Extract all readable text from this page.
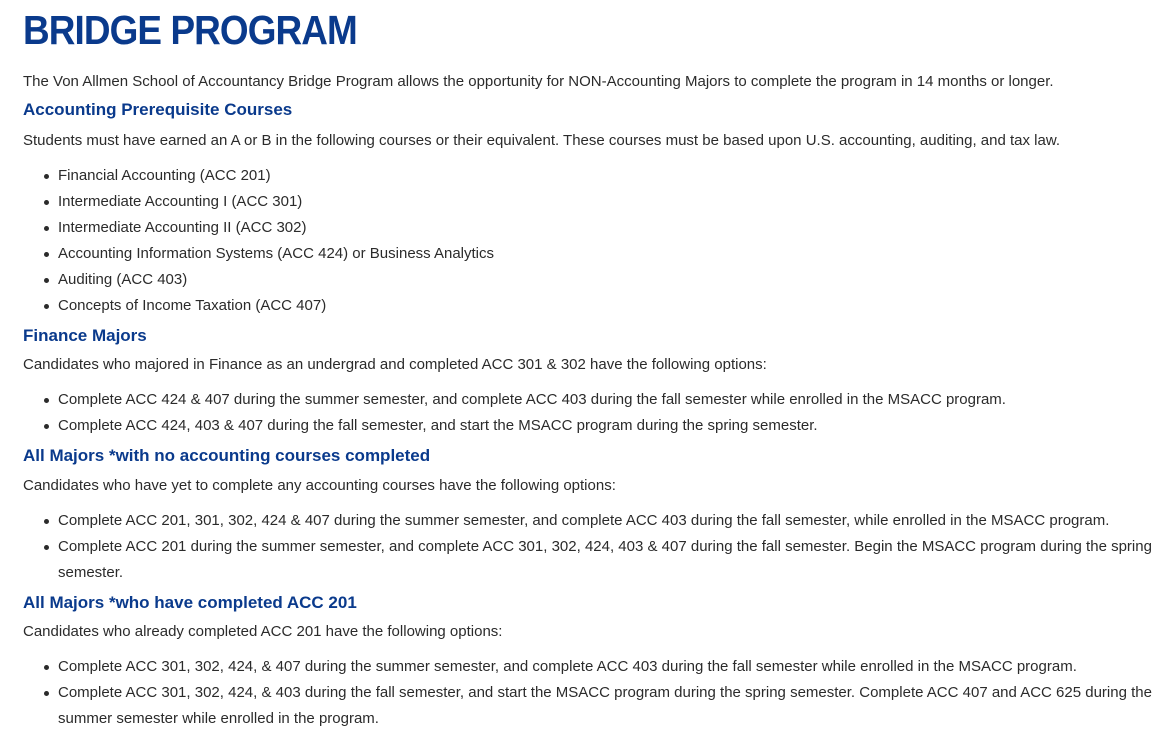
BRIDGE PROGRAM

The Von Allmen School of Accountancy Bridge Program allows the opportunity for NON-Accounting Majors to complete the program in 14 months or longer.

Accounting Prerequisite Courses

Students must have earned an A or B in the following courses or their equivalent. These courses must be based upon U.S. accounting, auditing, and tax law.

Financial Accounting (ACC 201)
Intermediate Accounting I (ACC 301)
Intermediate Accounting II (ACC 302)
Accounting Information Systems (ACC 424) or Business Analytics
Auditing (ACC 403)
Concepts of Income Taxation (ACC 407)
Finance Majors

Candidates who majored in Finance as an undergrad and completed ACC 301 & 302 have the following options:

Complete ACC 424 & 407 during the summer semester, and complete ACC 403 during the fall semester while enrolled in the MSACC program.
Complete ACC 424, 403 & 407 during the fall semester, and start the MSACC program during the spring semester.
All Majors *with no accounting courses completed

Candidates who have yet to complete any accounting courses have the following options:

Complete ACC 201, 301, 302, 424 & 407 during the summer semester, and complete ACC 403 during the fall semester, while enrolled in the MSACC program.
Complete ACC 201 during the summer semester, and complete ACC 301, 302, 424, 403 & 407 during the fall semester. Begin the MSACC program during the spring semester.
All Majors *who have completed ACC 201

Candidates who already completed ACC 201 have the following options:

Complete ACC 301, 302, 424, & 407 during the summer semester, and complete ACC 403 during the fall semester while enrolled in the MSACC program.
Complete ACC 301, 302, 424, & 403 during the fall semester, and start the MSACC program during the spring semester. Complete ACC 407 and ACC 625 during the summer semester while enrolled in the program.
